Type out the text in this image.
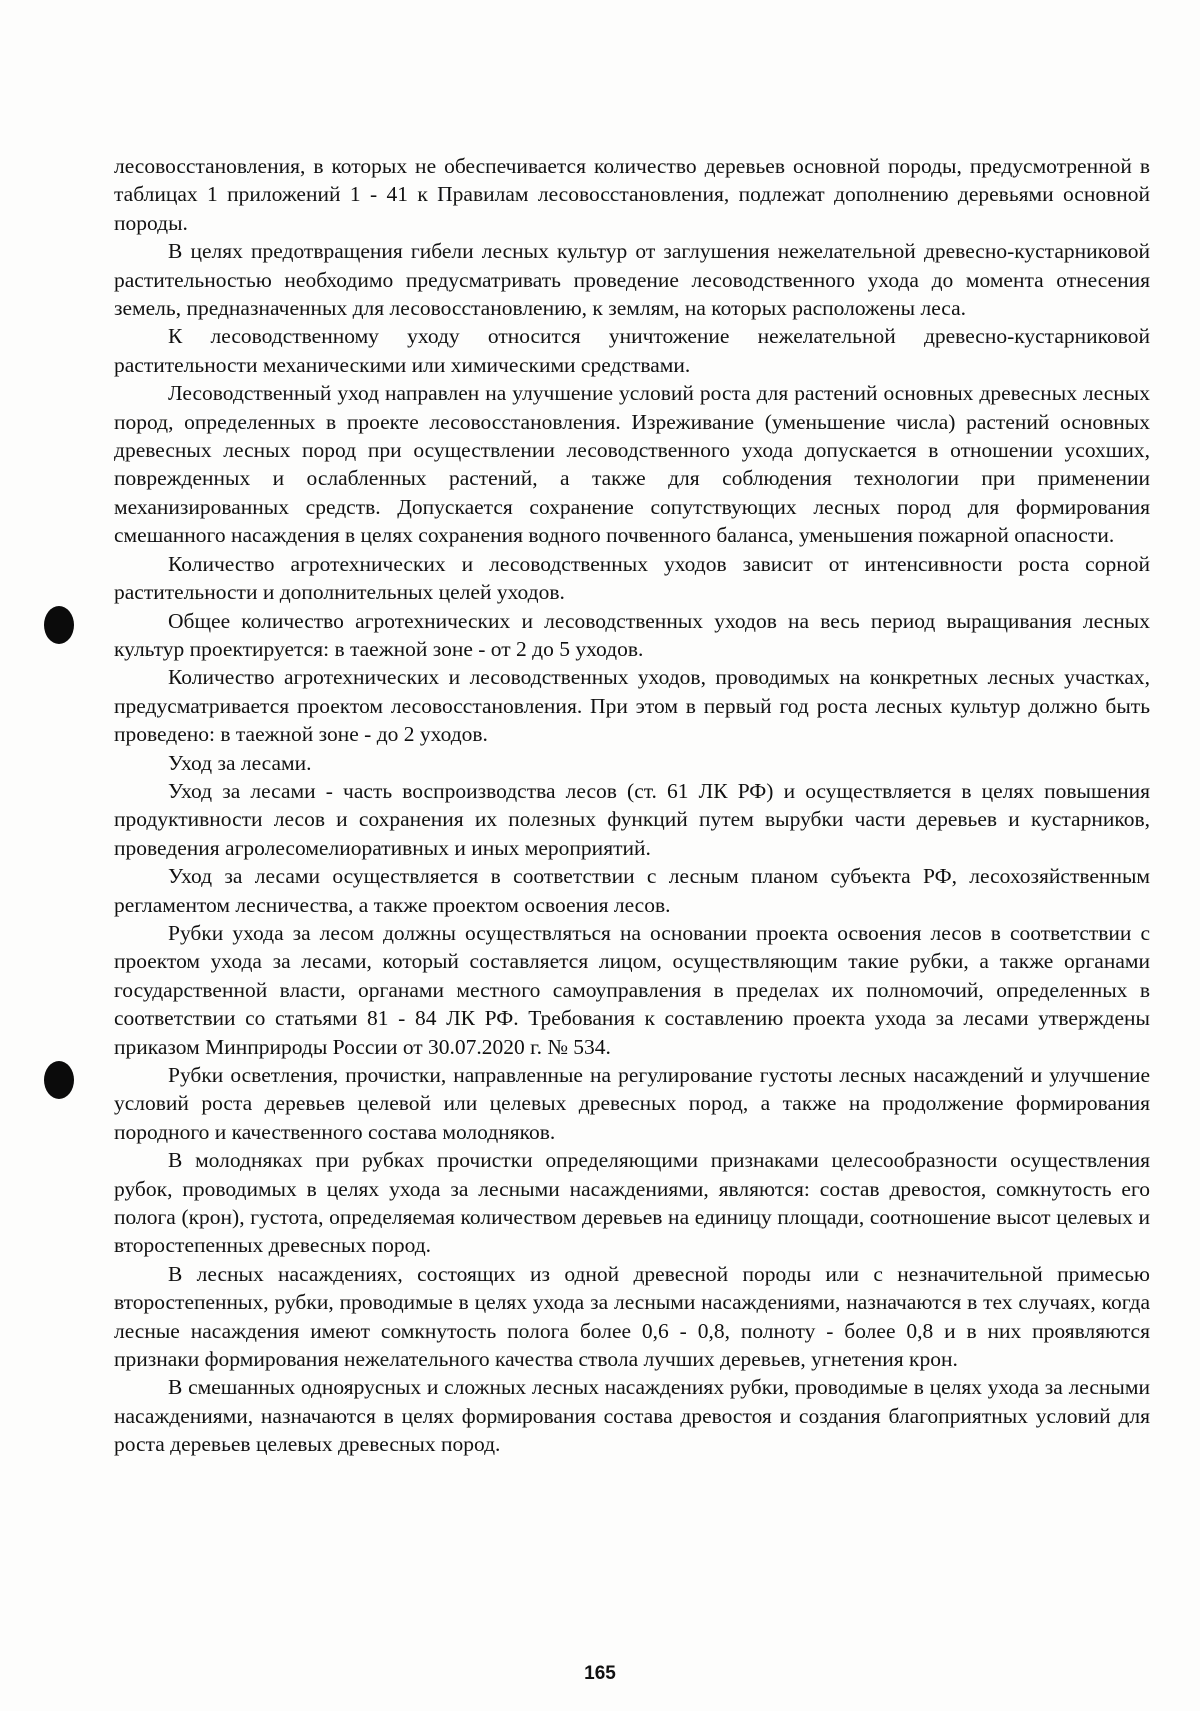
лесовосстановления, в которых не обеспечивается количество деревьев основной породы, предусмотренной в таблицах 1 приложений 1 - 41 к Правилам лесовосстановления, подлежат дополнению деревьями основной породы.

В целях предотвращения гибели лесных культур от заглушения нежелательной древесно-кустарниковой растительностью необходимо предусматривать проведение лесоводственного ухода до момента отнесения земель, предназначенных для лесовосстановлению, к землям, на которых расположены леса.

К лесоводственному уходу относится уничтожение нежелательной древесно-кустарниковой растительности механическими или химическими средствами.

Лесоводственный уход направлен на улучшение условий роста для растений основных древесных лесных пород, определенных в проекте лесовосстановления. Изреживание (уменьшение числа) растений основных древесных лесных пород при осуществлении лесоводственного ухода допускается в отношении усохших, поврежденных и ослабленных растений, а также для соблюдения технологии при применении механизированных средств. Допускается сохранение сопутствующих лесных пород для формирования смешанного насаждения в целях сохранения водного почвенного баланса, уменьшения пожарной опасности.

Количество агротехнических и лесоводственных уходов зависит от интенсивности роста сорной растительности и дополнительных целей уходов.

Общее количество агротехнических и лесоводственных уходов на весь период выращивания лесных культур проектируется: в таежной зоне - от 2 до 5 уходов.

Количество агротехнических и лесоводственных уходов, проводимых на конкретных лесных участках, предусматривается проектом лесовосстановления. При этом в первый год роста лесных культур должно быть проведено: в таежной зоне - до 2 уходов.

Уход за лесами.

Уход за лесами - часть воспроизводства лесов (ст. 61 ЛК РФ) и осуществляется в целях повышения продуктивности лесов и сохранения их полезных функций путем вырубки части деревьев и кустарников, проведения агролесомелиоративных и иных мероприятий.

Уход за лесами осуществляется в соответствии с лесным планом субъекта РФ, лесохозяйственным регламентом лесничества, а также проектом освоения лесов.

Рубки ухода за лесом должны осуществляться на основании проекта освоения лесов в соответствии с проектом ухода за лесами, который составляется лицом, осуществляющим такие рубки, а также органами государственной власти, органами местного самоуправления в пределах их полномочий, определенных в соответствии со статьями 81 - 84 ЛК РФ. Требования к составлению проекта ухода за лесами утверждены приказом Минприроды России от 30.07.2020 г. № 534.

Рубки осветления, прочистки, направленные на регулирование густоты лесных насаждений и улучшение условий роста деревьев целевой или целевых древесных пород, а также на продолжение формирования породного и качественного состава молодняков.

В молодняках при рубках прочистки определяющими признаками целесообразности осуществления рубок, проводимых в целях ухода за лесными насаждениями, являются: состав древостоя, сомкнутость его полога (крон), густота, определяемая количеством деревьев на единицу площади, соотношение высот целевых и второстепенных древесных пород.

В лесных насаждениях, состоящих из одной древесной породы или с незначительной примесью второстепенных, рубки, проводимые в целях ухода за лесными насаждениями, назначаются в тех случаях, когда лесные насаждения имеют сомкнутость полога более 0,6 - 0,8, полноту - более 0,8 и в них проявляются признаки формирования нежелательного качества ствола лучших деревьев, угнетения крон.

В смешанных одноярусных и сложных лесных насаждениях рубки, проводимые в целях ухода за лесными насаждениями, назначаются в целях формирования состава древостоя и создания благоприятных условий для роста деревьев целевых древесных пород.

165
